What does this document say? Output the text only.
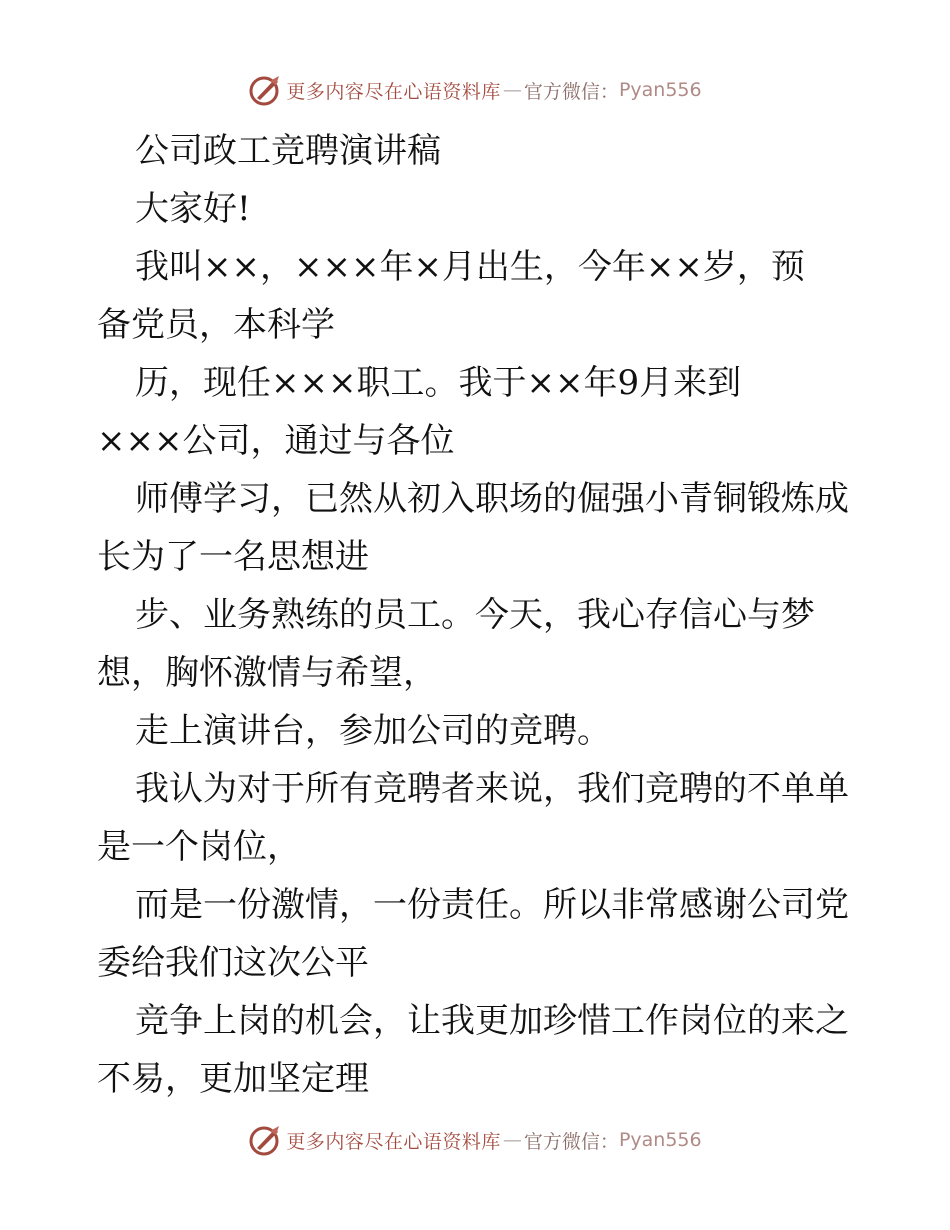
更多内容尽在心语资料库 — 官方微信： Pyan556
公司政工竞聘演讲稿
大家好!
我叫××，×××年×月出生，今年××岁，预
备党员，本科学
历，现任×××职工。我于××年9月来到
×××公司，通过与各位
师傅学习，已然从初入职场的倔强小青铜锻炼成
长为了一名思想进
步、业务熟练的员工。今天，我心存信心与梦
想，胸怀激情与希望，
走上演讲台，参加公司的竞聘。
我认为对于所有竞聘者来说，我们竞聘的不单单
是一个岗位，
而是一份激情，一份责任。所以非常感谢公司党
委给我们这次公平
竞争上岗的机会，让我更加珍惜工作岗位的来之
不易，更加坚定理
更多内容尽在心语资料库 — 官方微信： Pyan556
